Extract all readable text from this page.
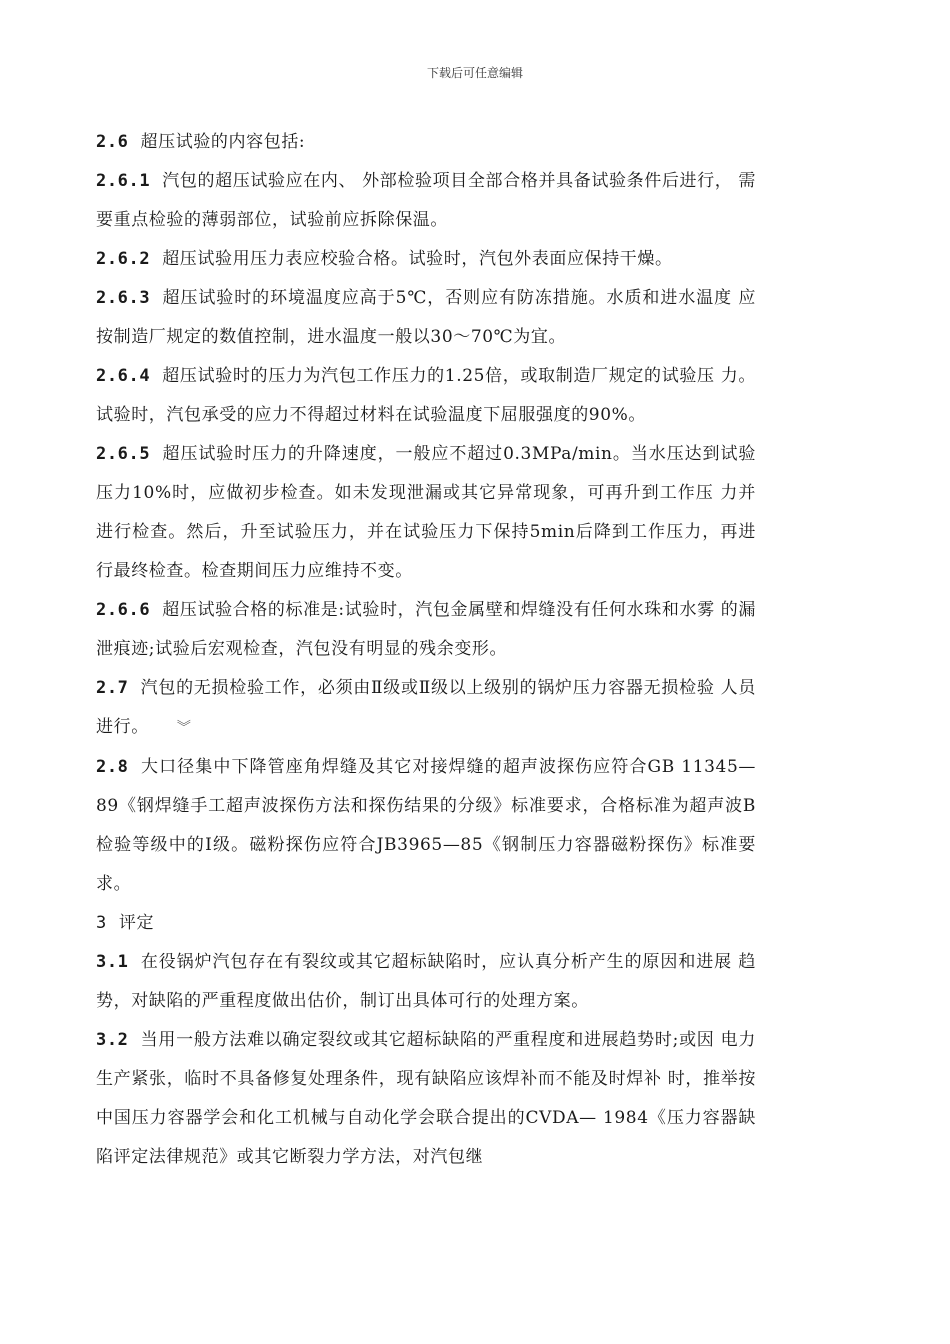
下载后可任意编辑

2.6 超压试验的内容包括:

2.6.1 汽包的超压试验应在内、 外部检验项目全部合格并具备试验条件后进行， 需要重点检验的薄弱部位，试验前应拆除保温。

2.6.2 超压试验用压力表应校验合格。试验时，汽包外表面应保持干燥。

2.6.3 超压试验时的环境温度应高于5℃，否则应有防冻措施。水质和进水温度 应按制造厂规定的数值控制，进水温度一般以30～70℃为宜。

2.6.4 超压试验时的压力为汽包工作压力的1.25倍，或取制造厂规定的试验压 力。试验时，汽包承受的应力不得超过材料在试验温度下屈服强度的90%。

2.6.5 超压试验时压力的升降速度，一般应不超过0.3MPa/min。当水压达到试验 压力10%时，应做初步检查。如未发现泄漏或其它异常现象，可再升到工作压 力并进行检查。然后，升至试验压力，并在试验压力下保持5min后降到工作压力，再进行最终检查。检查期间压力应维持不变。

2.6.6 超压试验合格的标准是:试验时，汽包金属壁和焊缝没有任何水珠和水雾 的漏泄痕迹;试验后宏观检查，汽包没有明显的残余变形。

2.7 汽包的无损检验工作，必须由Ⅱ级或Ⅱ级以上级别的锅炉压力容器无损检验 人员进行。 ︾

2.8 大口径集中下降管座角焊缝及其它对接焊缝的超声波探伤应符合GB 11345—89《钢焊缝手工超声波探伤方法和探伤结果的分级》标准要求，合格标准为超声波B检验等级中的Ⅰ级。磁粉探伤应符合JB3965—85《钢制压力容器磁粉探伤》标准要求。

3 评定

3.1 在役锅炉汽包存在有裂纹或其它超标缺陷时，应认真分析产生的原因和进展 趋势，对缺陷的严重程度做出估价，制订出具体可行的处理方案。

3.2 当用一般方法难以确定裂纹或其它超标缺陷的严重程度和进展趋势时;或因 电力生产紧张，临时不具备修复处理条件，现有缺陷应该焊补而不能及时焊补 时，推举按中国压力容器学会和化工机械与自动化学会联合提出的CVDA— 1984《压力容器缺陷评定法律规范》或其它断裂力学方法，对汽包继
